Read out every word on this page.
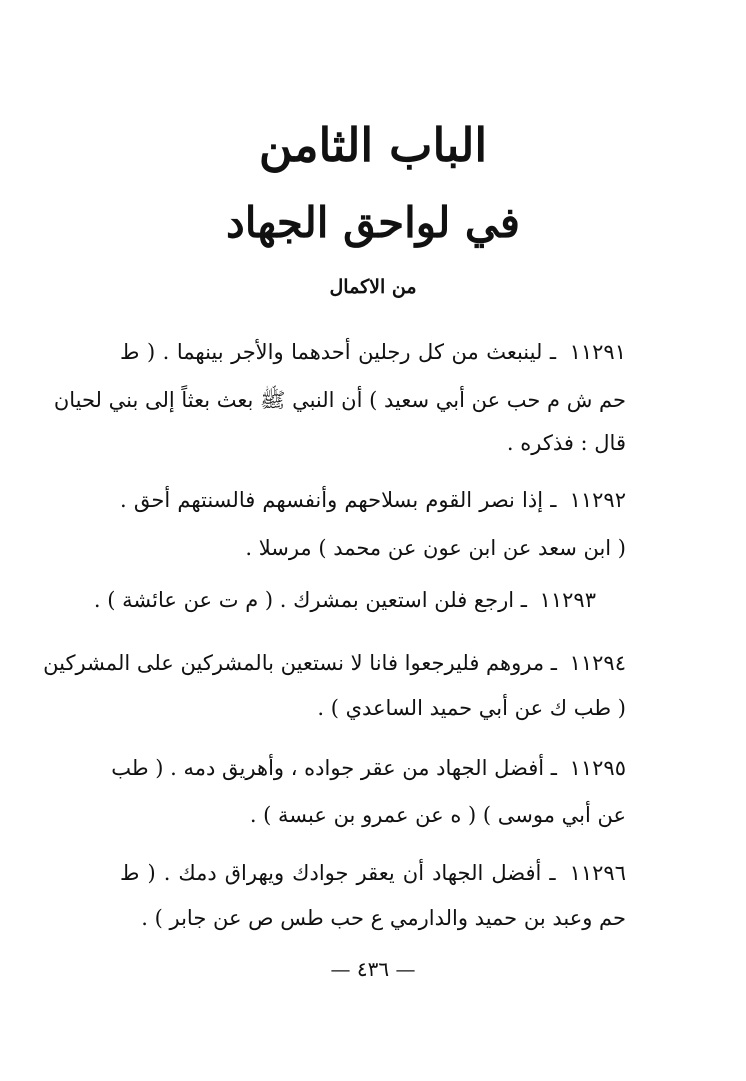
الباب الثامن
في لواحق الجهاد
من الاكمال
١١٢٩١ ـ لينبعث من كل رجلين أحدهما والأجر بينهما . ( ط
حم ش م حب عن أبي سعيد ) أن النبي ﷺ بعث بعثاً إلى بني لحيان
قال : فذكره .
١١٢٩٢ ـ إذا نصر القوم بسلاحهم وأنفسهم فالسنتهم أحق .
( ابن سعد عن ابن عون عن محمد ) مرسلا .
١١٢٩٣ ـ ارجع فلن استعين بمشرك . ( م ت عن عائشة ) .
١١٢٩٤ ـ مروهم فليرجعوا فانا لا نستعين بالمشركين على المشركين
( طب ك عن أبي حميد الساعدي ) .
١١٢٩٥ ـ أفضل الجهاد من عقر جواده ، وأهريق دمه . ( طب
عن أبي موسى ) ( ه عن عمرو بن عبسة ) .
١١٢٩٦ ـ أفضل الجهاد أن يعقر جوادك ويهراق دمك . ( ط
حم وعبد بن حميد والدارمي ع حب طس ص عن جابر ) .
— ٤٣٦ —
